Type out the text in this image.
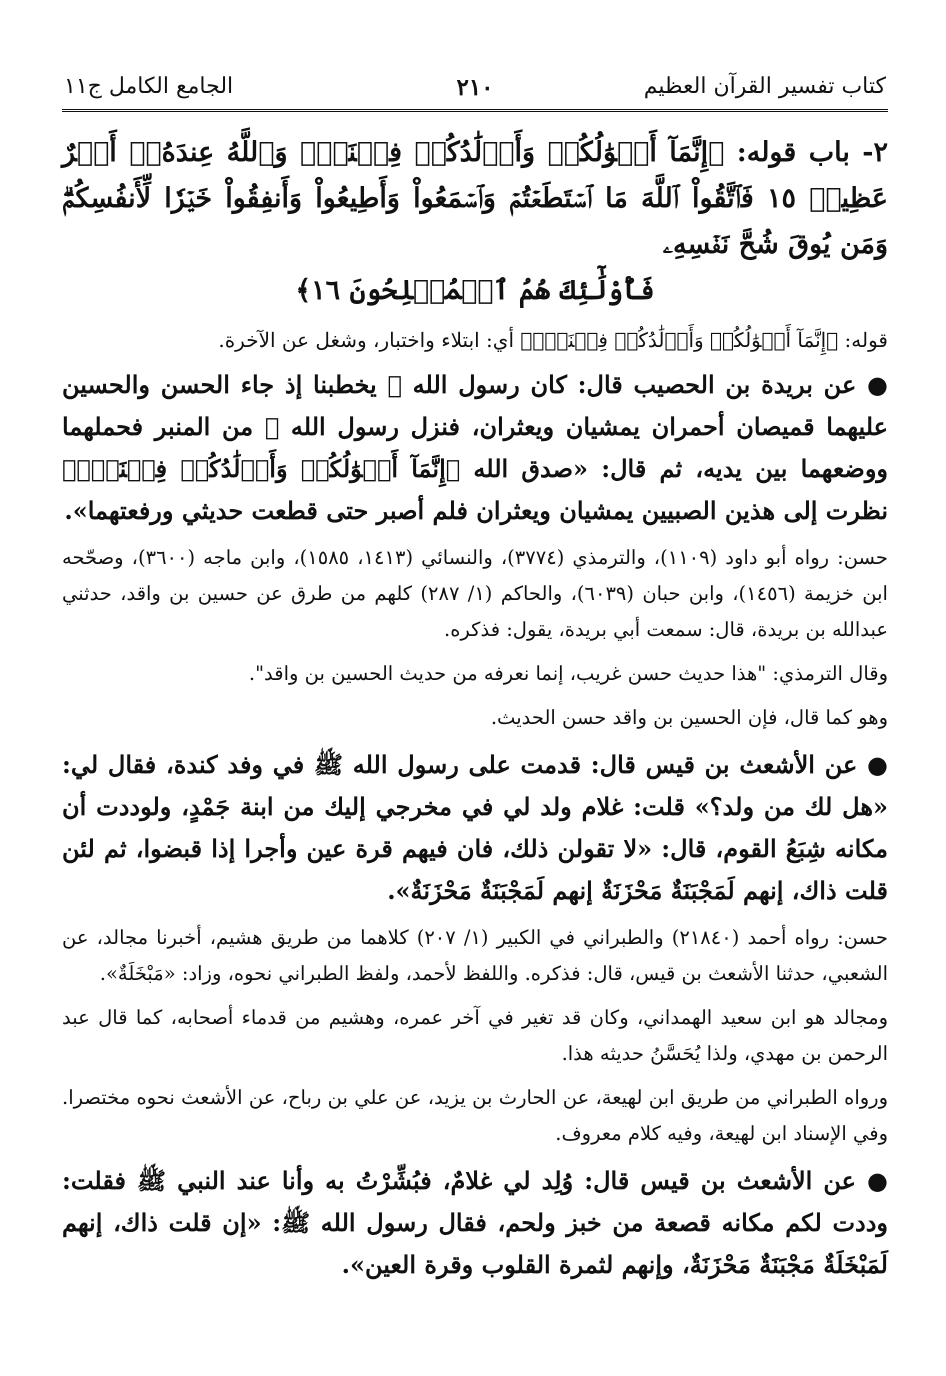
كتاب تفسير القرآن العظيم
٢١٠
الجامع الكامل ج١١

٢- باب قوله: ﴿إِنَّمَآ أَمۡوَٰلُكُمۡ وَأَوۡلَٰدُكُمۡ فِتۡنَةٞۚ وَٱللَّهُ عِندَهُۥٓ أَجۡرٌ عَظِيمٞ ١٥ فَٱتَّقُواْ ٱللَّهَ مَا ٱسۡتَطَعۡتُمۡ وَٱسۡمَعُواْ وَأَطِيعُواْ وَأَنفِقُواْ خَيۡرٗا لِّأَنفُسِكُمۡۗ وَمَن يُوقَ شُحَّ نَفۡسِهِۦ

فَأُوْلَٰٓئِكَ هُمُ ٱلۡمُفۡلِحُونَ ١٦﴾

قوله: ﴿إِنَّمَآ أَمۡوَٰلُكُمۡ وَأَوۡلَٰدُكُمۡ فِتۡنَةٞۚ﴾ أي: ابتلاء واختبار، وشغل عن الآخرة.

● عن بريدة بن الحصيب قال: كان رسول الله ﷺ يخطبنا إذ جاء الحسن والحسين عليهما قميصان أحمران يمشيان ويعثران، فنزل رسول الله ﷺ من المنبر فحملهما ووضعهما بين يديه، ثم قال: «صدق الله ﴿إِنَّمَآ أَمۡوَٰلُكُمۡ وَأَوۡلَٰدُكُمۡ فِتۡنَةٞۚ﴾ نظرت إلى هذين الصبيين يمشيان ويعثران فلم أصبر حتى قطعت حديثي ورفعتهما».

حسن: رواه أبو داود (١١٠٩)، والترمذي (٣٧٧٤)، والنسائي (١٤١٣، ١٥٨٥)، وابن ماجه (٣٦٠٠)، وصحّحه ابن خزيمة (١٤٥٦)، وابن حبان (٦٠٣٩)، والحاكم (١/ ٢٨٧) كلهم من طرق عن حسين بن واقد، حدثني عبدالله بن بريدة، قال: سمعت أبي بريدة، يقول: فذكره.

وقال الترمذي: "هذا حديث حسن غريب، إنما نعرفه من حديث الحسين بن واقد".

وهو كما قال، فإن الحسين بن واقد حسن الحديث.

● عن الأشعث بن قيس قال: قدمت على رسول الله ﷺ في وفد كندة، فقال لي: «هل لك من ولد؟» قلت: غلام ولد لي في مخرجي إليك من ابنة جَمْدٍ، ولوددت أن مكانه شِبَعُ القوم، قال: «لا تقولن ذلك، فان فيهم قرة عين وأجرا إذا قبضوا، ثم لئن قلت ذاك، إنهم لَمَجْبَنَةٌ مَحْزَنَةٌ إنهم لَمَجْبَنَةٌ مَحْزَنَةٌ».

حسن: رواه أحمد (٢١٨٤٠) والطبراني في الكبير (١/ ٢٠٧) كلاهما من طريق هشيم، أخبرنا مجالد، عن الشعبي، حدثنا الأشعث بن قيس، قال: فذكره. واللفظ لأحمد، ولفظ الطبراني نحوه، وزاد: «مَبْخَلَةٌ».

ومجالد هو ابن سعيد الهمداني، وكان قد تغير في آخر عمره، وهشيم من قدماء أصحابه، كما قال عبد الرحمن بن مهدي، ولذا يُحَسَّنُ حديثه هذا.

ورواه الطبراني من طريق ابن لهيعة، عن الحارث بن يزيد، عن علي بن رباح، عن الأشعث نحوه مختصرا. وفي الإسناد ابن لهيعة، وفيه كلام معروف.

● عن الأشعث بن قيس قال: وُلِد لي غلامٌ، فبُشِّرْتُ به وأنا عند النبي ﷺ فقلت: وددت لكم مكانه قصعة من خبز ولحم، فقال رسول الله ﷺ: «إن قلت ذاك، إنهم لَمَبْخَلَةٌ مَجْبَنَةٌ مَحْزَنَةٌ، وإنهم لثمرة القلوب وقرة العين».
